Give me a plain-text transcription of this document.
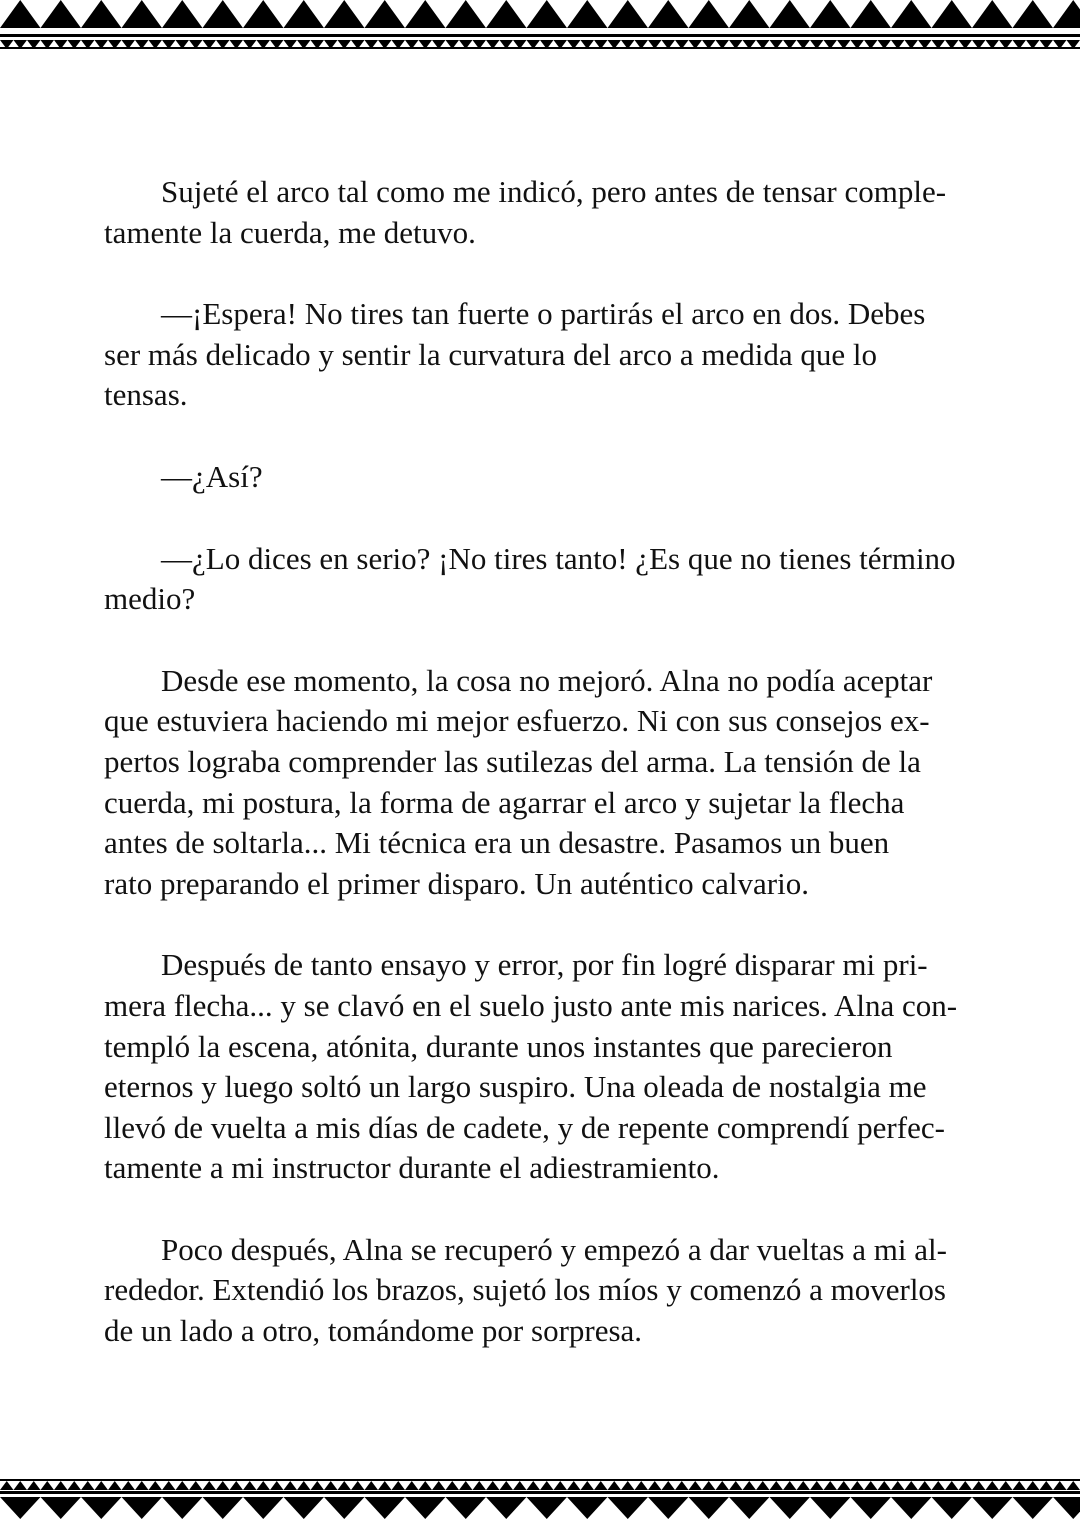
Sujeté el arco tal como me indicó, pero antes de tensar comple-
tamente la cuerda, me detuvo.

—¡Espera! No tires tan fuerte o partirás el arco en dos. Debes
ser más delicado y sentir la curvatura del arco a medida que lo
tensas.

—¿Así?

—¿Lo dices en serio? ¡No tires tanto! ¿Es que no tienes término
medio?

Desde ese momento, la cosa no mejoró. Alna no podía aceptar
que estuviera haciendo mi mejor esfuerzo. Ni con sus consejos ex-
pertos lograba comprender las sutilezas del arma. La tensión de la
cuerda, mi postura, la forma de agarrar el arco y sujetar la flecha
antes de soltarla... Mi técnica era un desastre. Pasamos un buen
rato preparando el primer disparo. Un auténtico calvario.

Después de tanto ensayo y error, por fin logré disparar mi pri-
mera flecha... y se clavó en el suelo justo ante mis narices. Alna con-
templó la escena, atónita, durante unos instantes que parecieron
eternos y luego soltó un largo suspiro. Una oleada de nostalgia me
llevó de vuelta a mis días de cadete, y de repente comprendí perfec-
tamente a mi instructor durante el adiestramiento.

Poco después, Alna se recuperó y empezó a dar vueltas a mi al-
rededor. Extendió los brazos, sujetó los míos y comenzó a moverlos
de un lado a otro, tomándome por sorpresa.
